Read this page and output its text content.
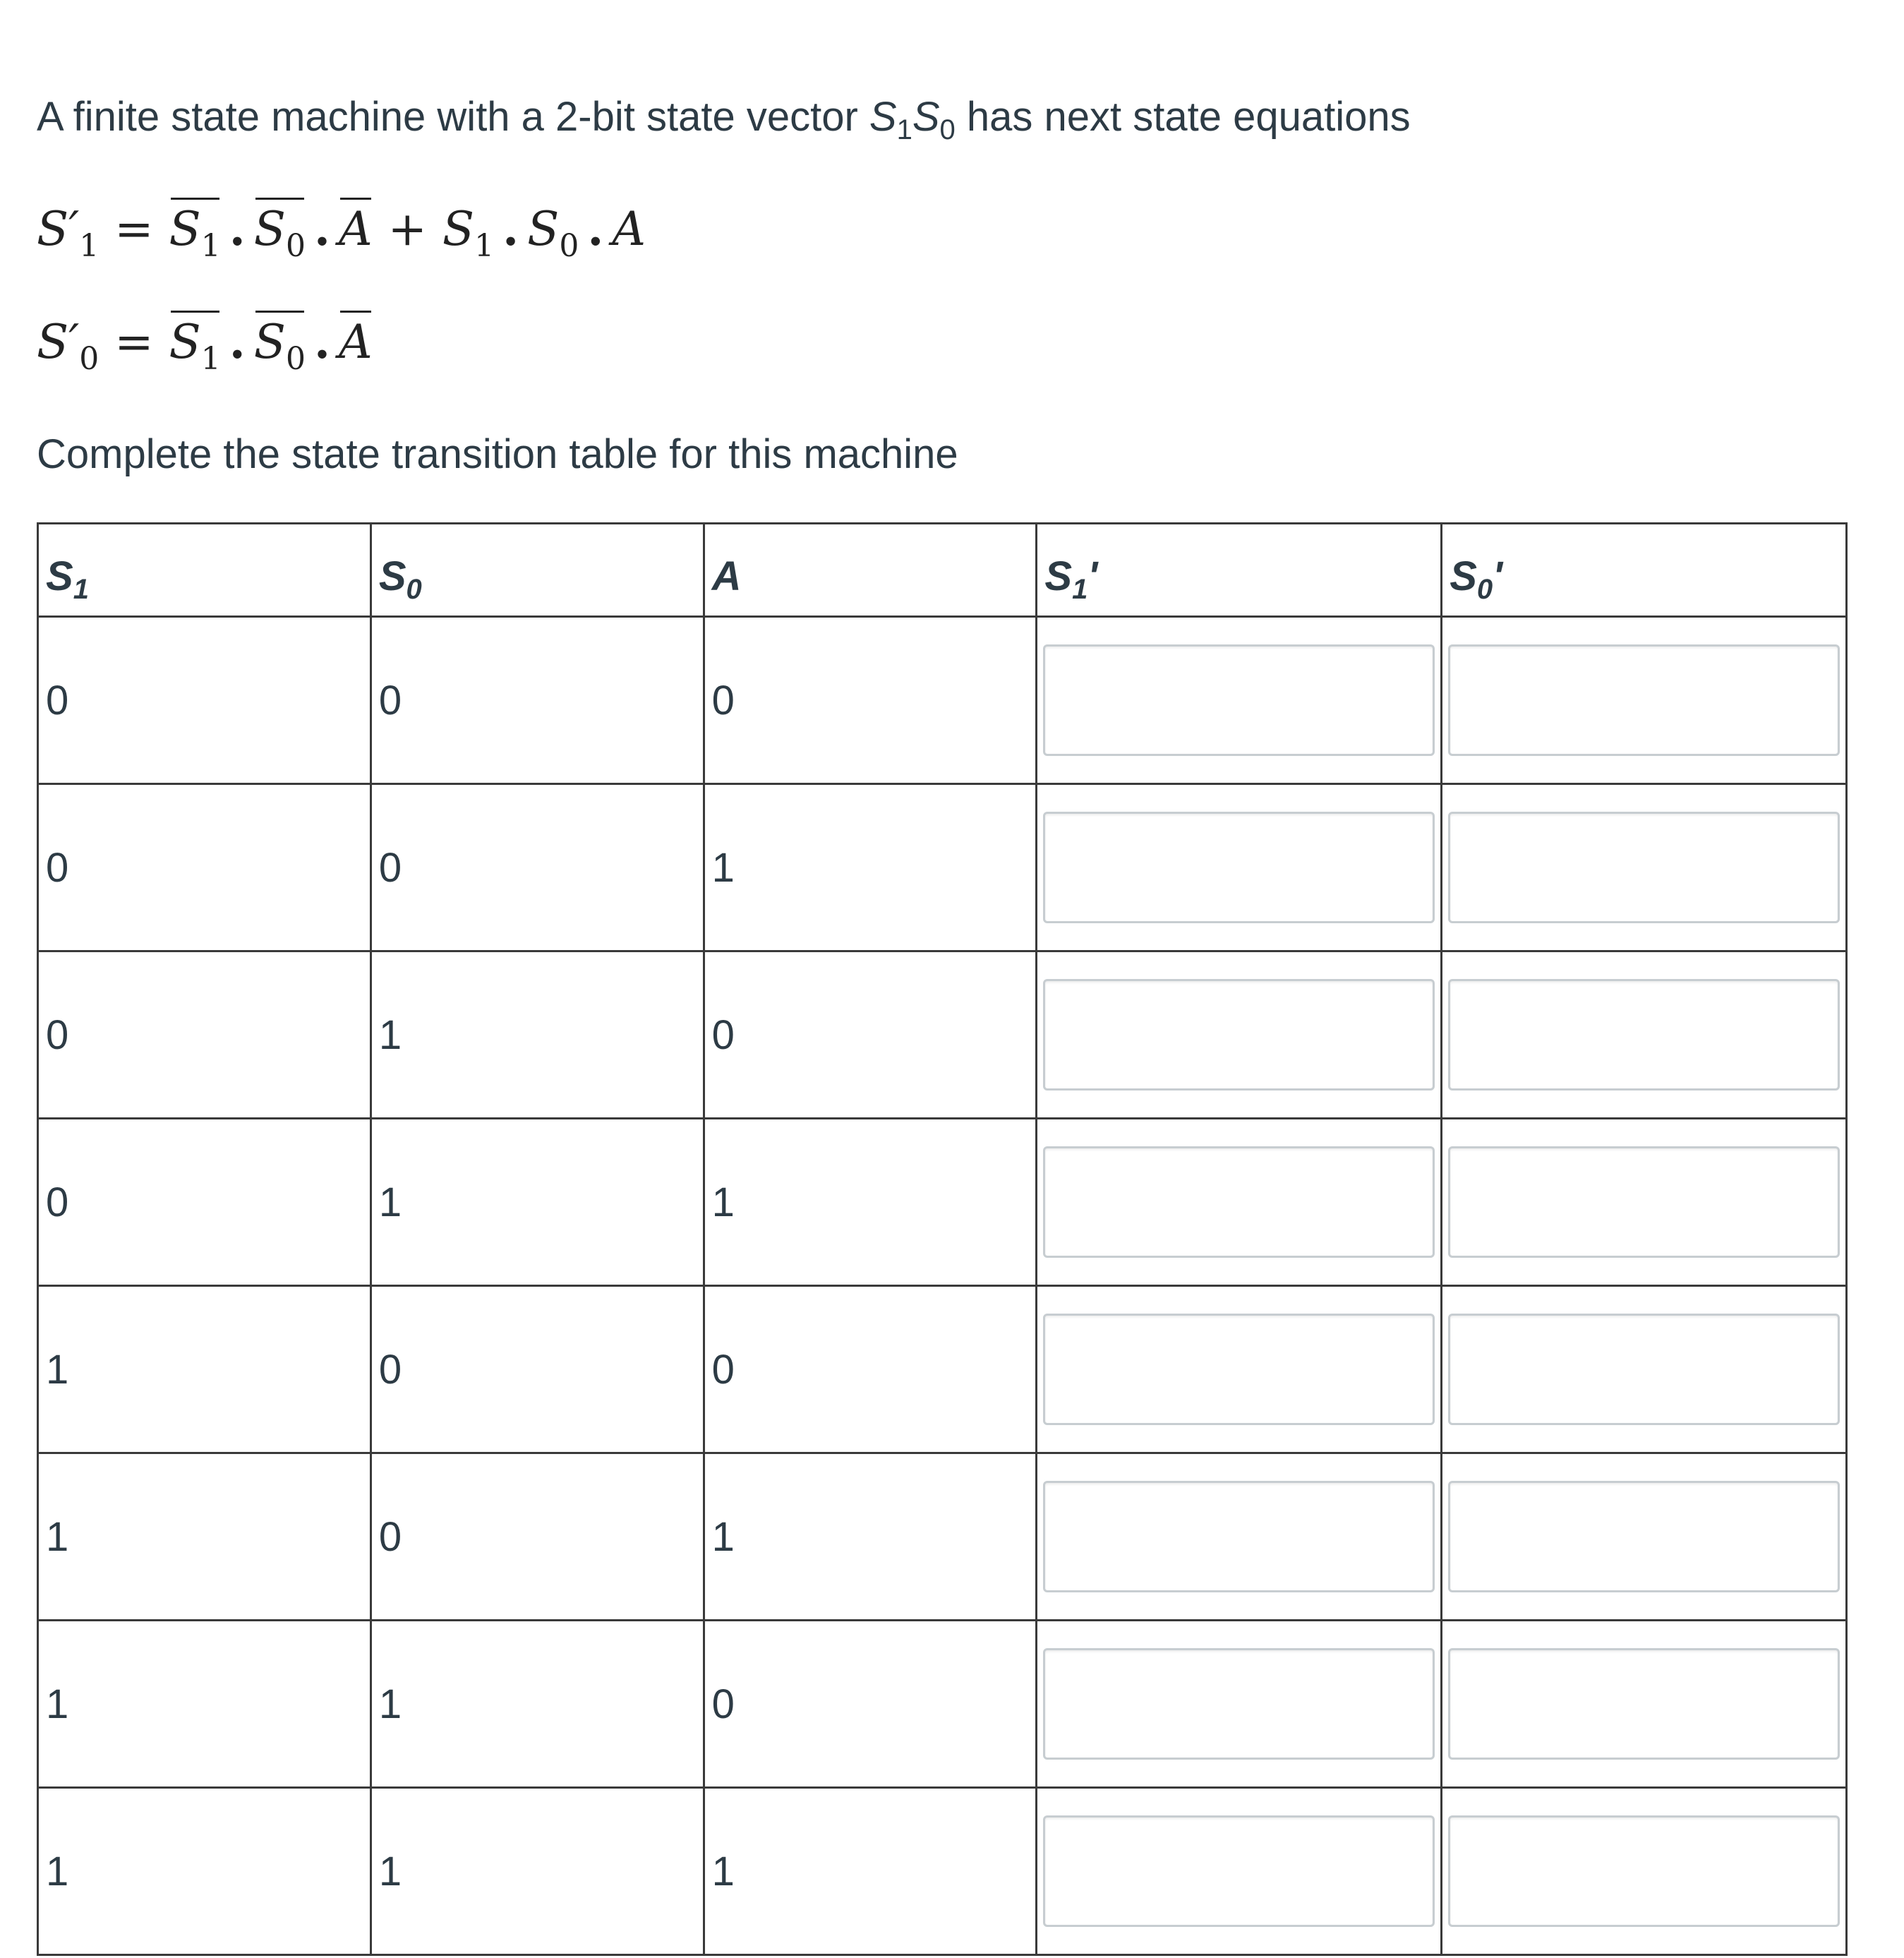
A finite state machine with a 2-bit state vector $S_1S_0$ has next state equations
$S'_1 = S_1$ . $S_0$ . $A + S_1$ . $S_0$ . A
$S'_0 = S_1$ . $S_0$ . A
Complete the state transition table for this machine
$S_1$	$S_0$	A	$S_1'$	$S_0'$
0	0	0	

0	0	1	

0	1	0	

0	1	1	

1	0	0	

1	0	1	

1	1	0	

1	1	1	
